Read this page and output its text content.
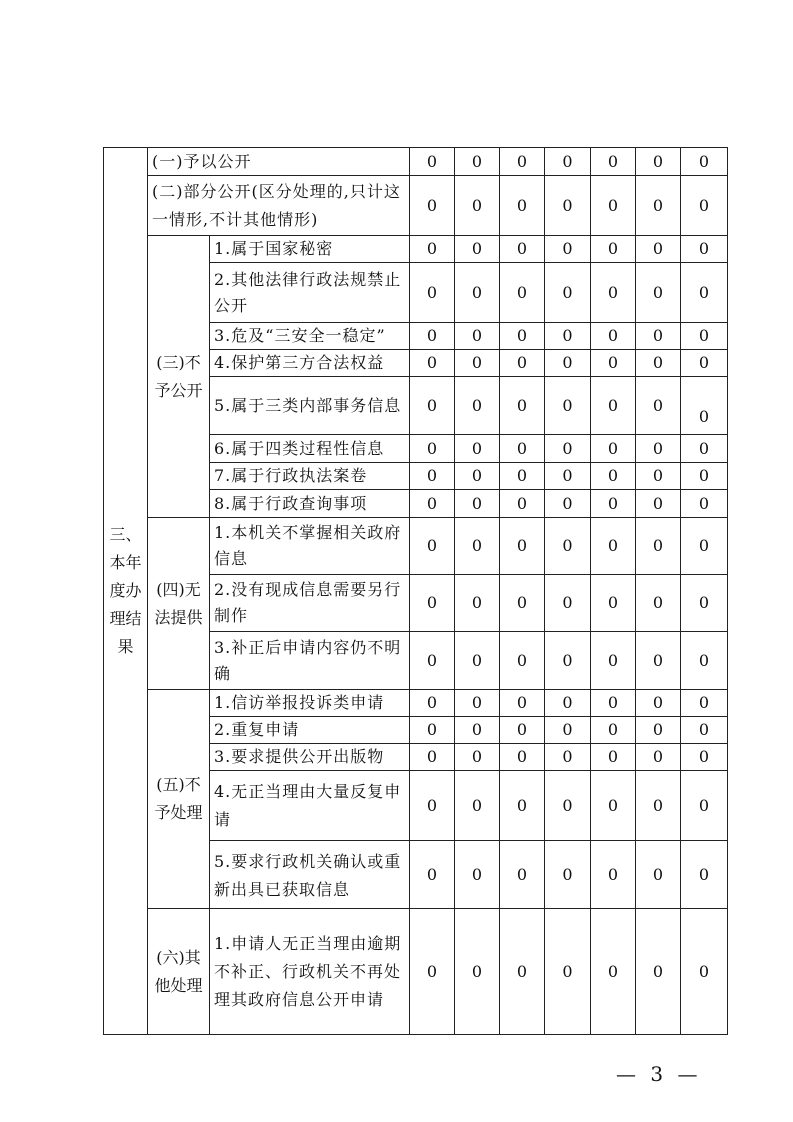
三、本年度办理结果	(一)予以公开		0	0	0	0	0	0	0
	(二)部分公开(区分处理的,只计这一情形,不计其他情形)		0	0	0	0	0	0	0
	(三)不予公开	1.属于国家秘密	0	0	0	0	0	0	0
		2.其他法律行政法规禁止公开	0	0	0	0	0	0	0
		3.危及“三安全一稳定”	0	0	0	0	0	0	0
		4.保护第三方合法权益	0	0	0	0	0	0	0
		5.属于三类内部事务信息	0	0	0	0	0	0	0
		6.属于四类过程性信息	0	0	0	0	0	0	0
		7.属于行政执法案卷	0	0	0	0	0	0	0
		8.属于行政查询事项	0	0	0	0	0	0	0
	(四)无法提供	1.本机关不掌握相关政府信息	0	0	0	0	0	0	0
		2.没有现成信息需要另行制作	0	0	0	0	0	0	0
		3.补正后申请内容仍不明确	0	0	0	0	0	0	0
	(五)不予处理	1.信访举报投诉类申请	0	0	0	0	0	0	0
		2.重复申请	0	0	0	0	0	0	0
		3.要求提供公开出版物	0	0	0	0	0	0	0
		4.无正当理由大量反复申请	0	0	0	0	0	0	0
		5.要求行政机关确认或重新出具已获取信息	0	0	0	0	0	0	0
	(六)其他处理	1.申请人无正当理由逾期不补正、行政机关不再处理其政府信息公开申请	0	0	0	0	0	0	0
— 3 —
